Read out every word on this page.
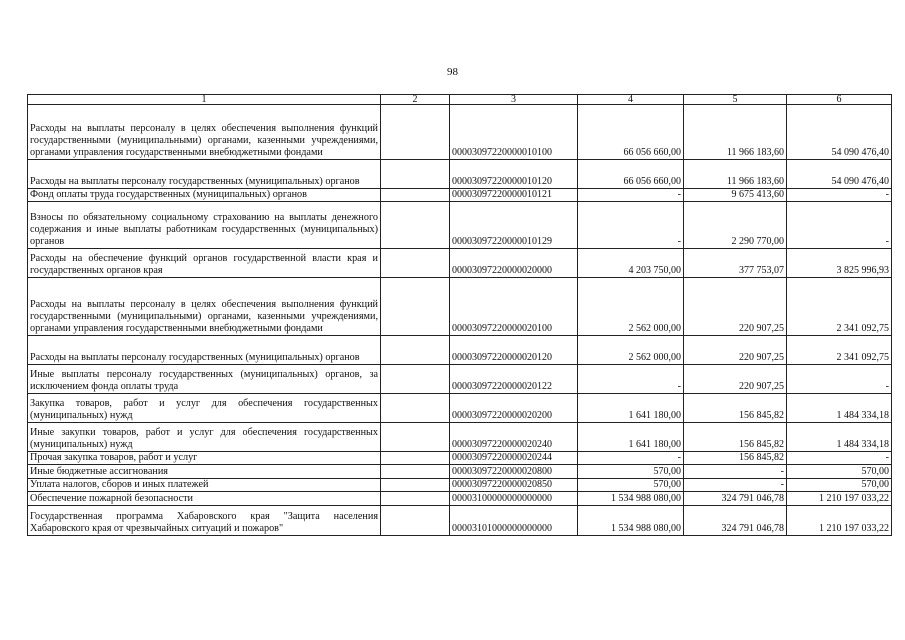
98
1	2	3	4	5	6
Расходы на выплаты персоналу в целях обеспечения выполнения функций государственными (муниципальными) органами, казенными учреждениями, органами управления государственными внебюджетными фондами		00003097220000010100	66 056 660,00	11 966 183,60	54 090 476,40
Расходы на выплаты персоналу государственных (муниципальных) органов		00003097220000010120	66 056 660,00	11 966 183,60	54 090 476,40
Фонд оплаты труда государственных (муниципальных) органов		00003097220000010121	-	9 675 413,60	-
Взносы по обязательному социальному страхованию на выплаты денежного содержания и иные выплаты работникам государственных (муниципальных) органов		00003097220000010129	-	2 290 770,00	-
Расходы на обеспечение функций органов государственной власти края и государственных органов края		00003097220000020000	4 203 750,00	377 753,07	3 825 996,93
Расходы на выплаты персоналу в целях обеспечения выполнения функций государственными (муниципальными) органами, казенными учреждениями, органами управления государственными внебюджетными фондами		00003097220000020100	2 562 000,00	220 907,25	2 341 092,75
Расходы на выплаты персоналу государственных (муниципальных) органов		00003097220000020120	2 562 000,00	220 907,25	2 341 092,75
Иные выплаты персоналу государственных (муниципальных) органов, за исключением фонда оплаты труда		00003097220000020122	-	220 907,25	-
Закупка товаров, работ и услуг для обеспечения государственных (муниципальных) нужд		00003097220000020200	1 641 180,00	156 845,82	1 484 334,18
Иные закупки товаров, работ и услуг для обеспечения государственных (муниципальных) нужд		00003097220000020240	1 641 180,00	156 845,82	1 484 334,18
Прочая закупка товаров, работ и услуг		00003097220000020244	-	156 845,82	-
Иные бюджетные ассигнования		00003097220000020800	570,00	-	570,00
Уплата налогов, сборов и иных платежей		00003097220000020850	570,00	-	570,00
Обеспечение пожарной безопасности		00003100000000000000	1 534 988 080,00	324 791 046,78	1 210 197 033,22
Государственная программа Хабаровского края "Защита населения Хабаровского края от чрезвычайных ситуаций и пожаров"		00003101000000000000	1 534 988 080,00	324 791 046,78	1 210 197 033,22
